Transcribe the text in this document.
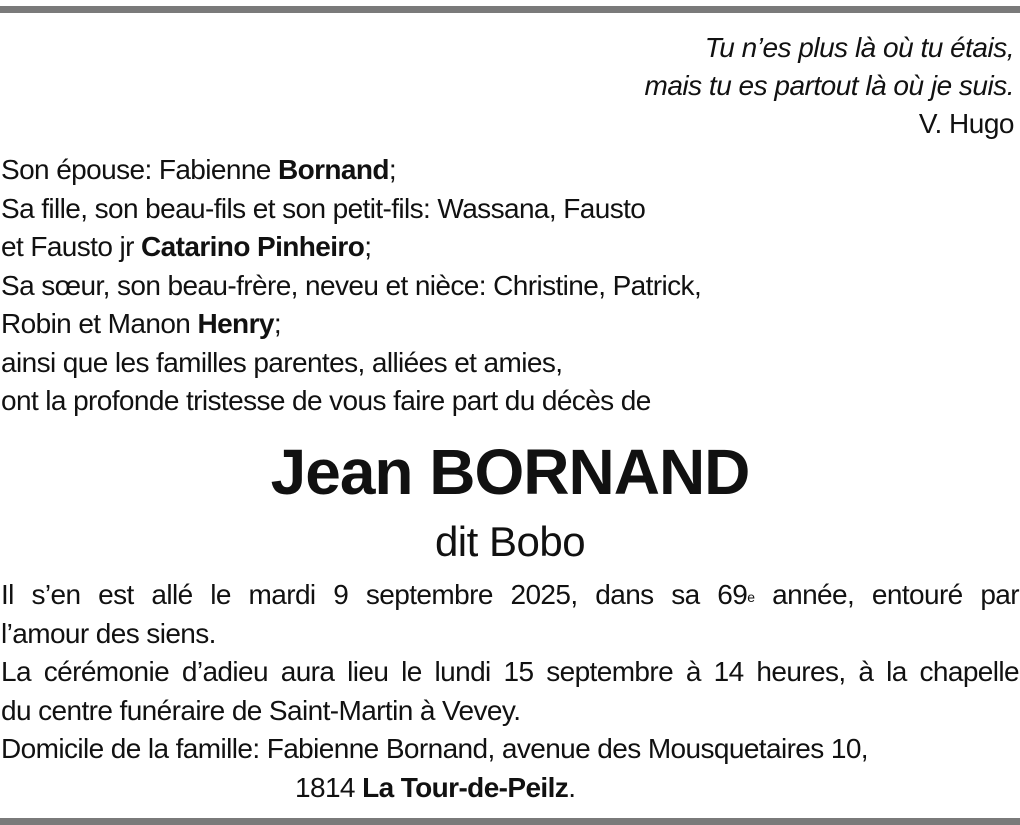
Tu n’es plus là où tu étais,
mais tu es partout là où je suis.
V. Hugo
Son épouse: Fabienne Bornand;
Sa fille, son beau-fils et son petit-fils: Wassana, Fausto
et Fausto jr Catarino Pinheiro;
Sa sœur, son beau-frère, neveu et nièce: Christine, Patrick,
Robin et Manon Henry;
ainsi que les familles parentes, alliées et amies,
ont la profonde tristesse de vous faire part du décès de
Jean BORNAND
dit Bobo
Il s’en est allé le mardi 9 septembre 2025, dans sa 69e année, entouré par
l’amour des siens.
La cérémonie d’adieu aura lieu le lundi 15 septembre à 14 heures, à la chapelle
du centre funéraire de Saint-Martin à Vevey.
Domicile de la famille: Fabienne Bornand, avenue des Mousquetaires 10,
1814 La Tour-de-Peilz.
